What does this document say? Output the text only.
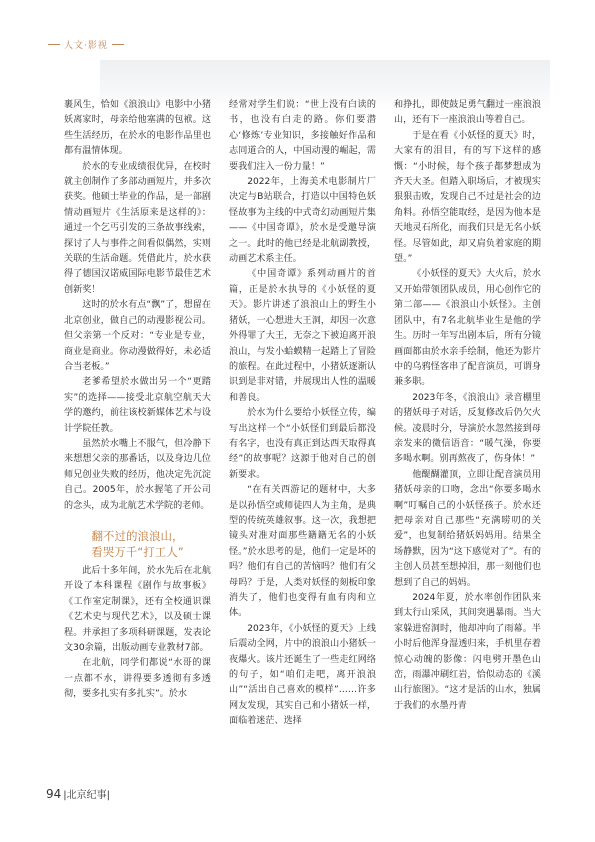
人文·影视

裹风生，恰如《浪浪山》电影中小猪妖离家时，母亲给他塞满的包袱。这些生活经历，在於水的电影作品里也都有温情体现。

於水的专业成绩很优异，在校时就主创制作了多部动画短片，并多次获奖。他硕士毕业的作品，是一部剧情动画短片《生活原来是这样的》：通过一个乞丐引发的三条故事线索，探讨了人与事件之间看似偶然，实则关联的生活命题。凭借此片，於水获得了德国汉诺威国际电影节最佳艺术创新奖！

这时的於水有点“飘”了，想留在北京创业，做自己的动漫影视公司。但父亲第一个反对：“专业是专业，商业是商业。你动漫做得好，未必适合当老板。”

老爹希望於水做出另一个“更踏实”的选择——接受北京航空航天大学的邀约，前往该校新媒体艺术与设计学院任教。

虽然於水嘴上不服气，但冷静下来想想父亲的那番话，以及身边几位师兄创业失败的经历，他决定先沉淀自己。2005年，於水握笔了开公司的念头，成为北航艺术学院的老师。

翻不过的浪浪山，
看哭万千“打工人”

此后十多年间，於水先后在北航开设了本科课程《剧作与故事板》《工作室定制课》，还有全校通识课《艺术史与现代艺术》，以及硕士课程。并承担了多项科研课题，发表论文30余篇，出版动画专业教材7部。

在北航，同学们都说“水哥的课一点都不水，讲得要多透彻有多透彻，要多扎实有多扎实”。於水

经常对学生们说：“世上没有白读的书，也没有白走的路。你们要潜心‘修炼’专业知识，多接触好作品和志同道合的人，中国动漫的崛起，需要我们注入一份力量！”

2022年，上海美术电影制片厂决定与B站联合，打造以中国特色妖怪故事为主线的中式奇幻动画短片集——《中国奇谭》，於水是受邀导演之一。此时的他已经是北航副教授，动画艺术系主任。

《中国奇谭》系列动画片的首篇，正是於水执导的《小妖怪的夏天》。影片讲述了浪浪山上的野生小猪妖，一心想进大王洞，却因一次意外得罪了大王，无奈之下被迫离开浪浪山，与发小蛤蟆精一起踏上了冒险的旅程。在此过程中，小猪妖逐渐认识到是非对错，并展现出人性的温暖和善良。

於水为什么要给小妖怪立传，编写出这样一个“小妖怪们到最后都没有名字，也没有真正到达西天取得真经”的故事呢？这源于他对自己的创新要求。

“在有关西游记的题材中，大多是以孙悟空或师徒四人为主角，是典型的传统英雄叙事。这一次，我想把镜头对准对面那些籍籍无名的小妖怪。”於水思考的是，他们一定是坏的吗？他们有自己的苦恼吗？他们有父母吗？于是，人类对妖怪的刻板印象消失了，他们也变得有血有肉和立体。

2023年，《小妖怪的夏天》上线后震动全网，片中的浪浪山小猪妖一夜爆火。该片还诞生了一些走红网络的句子，如“咱们走吧，离开浪浪山”“活出自己喜欢的模样”……许多网友发现，其实自己和小猪妖一样，面临着迷茫、选择

和挣扎，即使鼓足勇气翻过一座浪浪山，还有下一座浪浪山等着自己。

于是在看《小妖怪的夏天》时，大家有的泪目，有的写下这样的感慨：“小时候，每个孩子都梦想成为齐天大圣。但踏入职场后，才被现实狠狠击败，发现自己不过是社会的边角料。孙悟空能取经，是因为他本是天地灵石所化，而我们只是无名小妖怪。尽管如此，却又肩负着家庭的期望。”

《小妖怪的夏天》大火后，於水又开始带领团队成员，用心创作它的第二部——《浪浪山小妖怪》。主创团队中，有7名北航毕业生是他的学生。历时一年写出剧本后，所有分镜画面都由於水亲手绘制，他还为影片中的乌鸦怪客串了配音演员，可谓身兼多职。

2023年冬，《浪浪山》录音棚里的猪妖母子对话，反复修改后仍欠火候。凌晨时分，导演於水忽然接到母亲发来的微信语音：“暖气澡，你要多喝水啊。别再熬夜了，伤身体！”

他醍醐灌顶，立即让配音演员用猪妖母亲的口吻，念出“你要多喝水啊”叮嘱自己的小妖怪孩子。於水还把母亲对自己那些“充满唠叨的关爱”，也复制给猪妖妈妈用。结果全场静默，因为“这下感觉对了”。有的主创人员甚至想掉泪，那一刻他们也想到了自己的妈妈。

2024年夏，於水率创作团队来到太行山采风，其间突遇暴雨。当大家躲进窑洞时，他却冲向了雨幕。半小时后他浑身湿透归来，手机里存着惊心动魄的影像：闪电劈开墨色山峦，雨瀑冲刷红岩，恰似动态的《溪山行旅图》。“这才是活的山水，独属于我们的水墨丹青

94 |北京纪事|
